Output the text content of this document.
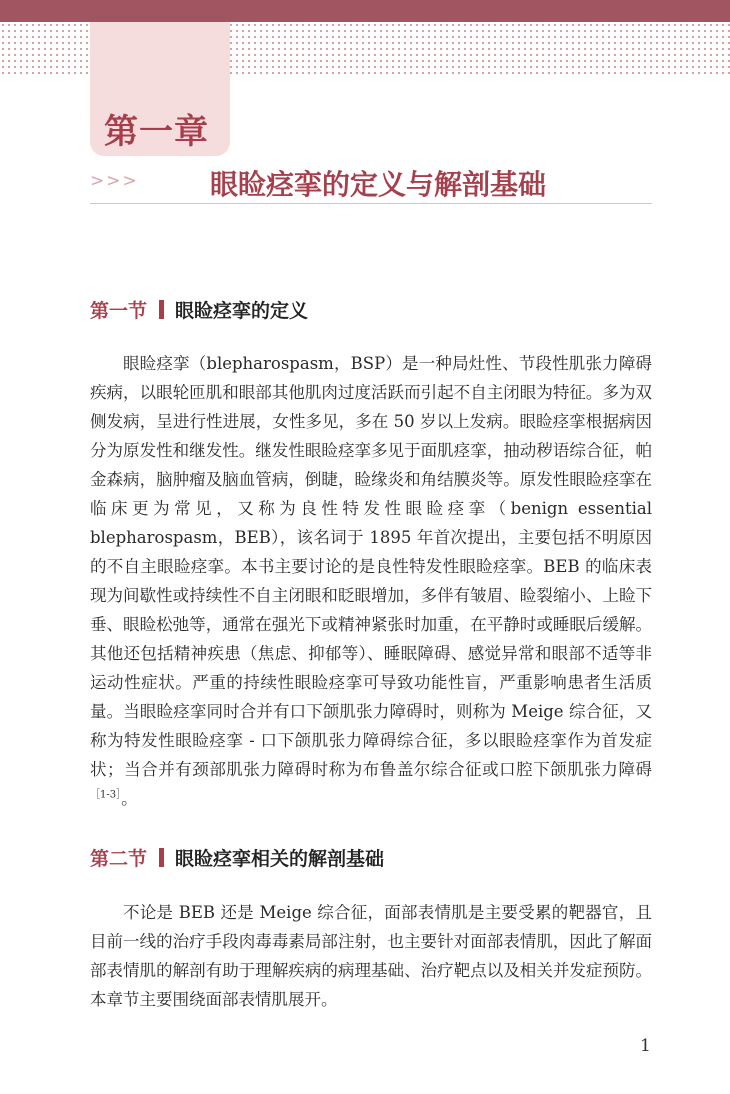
第一章
>>>	眼睑痉挛的定义与解剖基础
第一节 眼睑痉挛的定义

眼睑痉挛（blepharospasm，BSP）是一种局灶性、节段性肌张力障碍疾病，以眼轮匝肌和眼部其他肌肉过度活跃而引起不自主闭眼为特征。多为双侧发病，呈进行性进展，女性多见，多在 50 岁以上发病。眼睑痉挛根据病因分为原发性和继发性。继发性眼睑痉挛多见于面肌痉挛，抽动秽语综合征，帕金森病，脑肿瘤及脑血管病，倒睫，睑缘炎和角结膜炎等。原发性眼睑痉挛在临床更为常见，又称为良性特发性眼睑痉挛（benign essential blepharospasm，BEB），该名词于 1895 年首次提出，主要包括不明原因的不自主眼睑痉挛。本书主要讨论的是良性特发性眼睑痉挛。BEB 的临床表现为间歇性或持续性不自主闭眼和眨眼增加，多伴有皱眉、睑裂缩小、上睑下垂、眼睑松弛等，通常在强光下或精神紧张时加重，在平静时或睡眠后缓解。其他还包括精神疾患（焦虑、抑郁等）、睡眠障碍、感觉异常和眼部不适等非运动性症状。严重的持续性眼睑痉挛可导致功能性盲，严重影响患者生活质量。当眼睑痉挛同时合并有口下颌肌张力障碍时，则称为 Meige 综合征，又称为特发性眼睑痉挛 - 口下颌肌张力障碍综合征，多以眼睑痉挛作为首发症状；当合并有颈部肌张力障碍时称为布鲁盖尔综合征或口腔下颌肌张力障碍$^{[1-3]}$。

第二节 眼睑痉挛相关的解剖基础

不论是 BEB 还是 Meige 综合征，面部表情肌是主要受累的靶器官，且目前一线的治疗手段肉毒毒素局部注射，也主要针对面部表情肌，因此了解面部表情肌的解剖有助于理解疾病的病理基础、治疗靶点以及相关并发症预防。本章节主要围绕面部表情肌展开。

1
